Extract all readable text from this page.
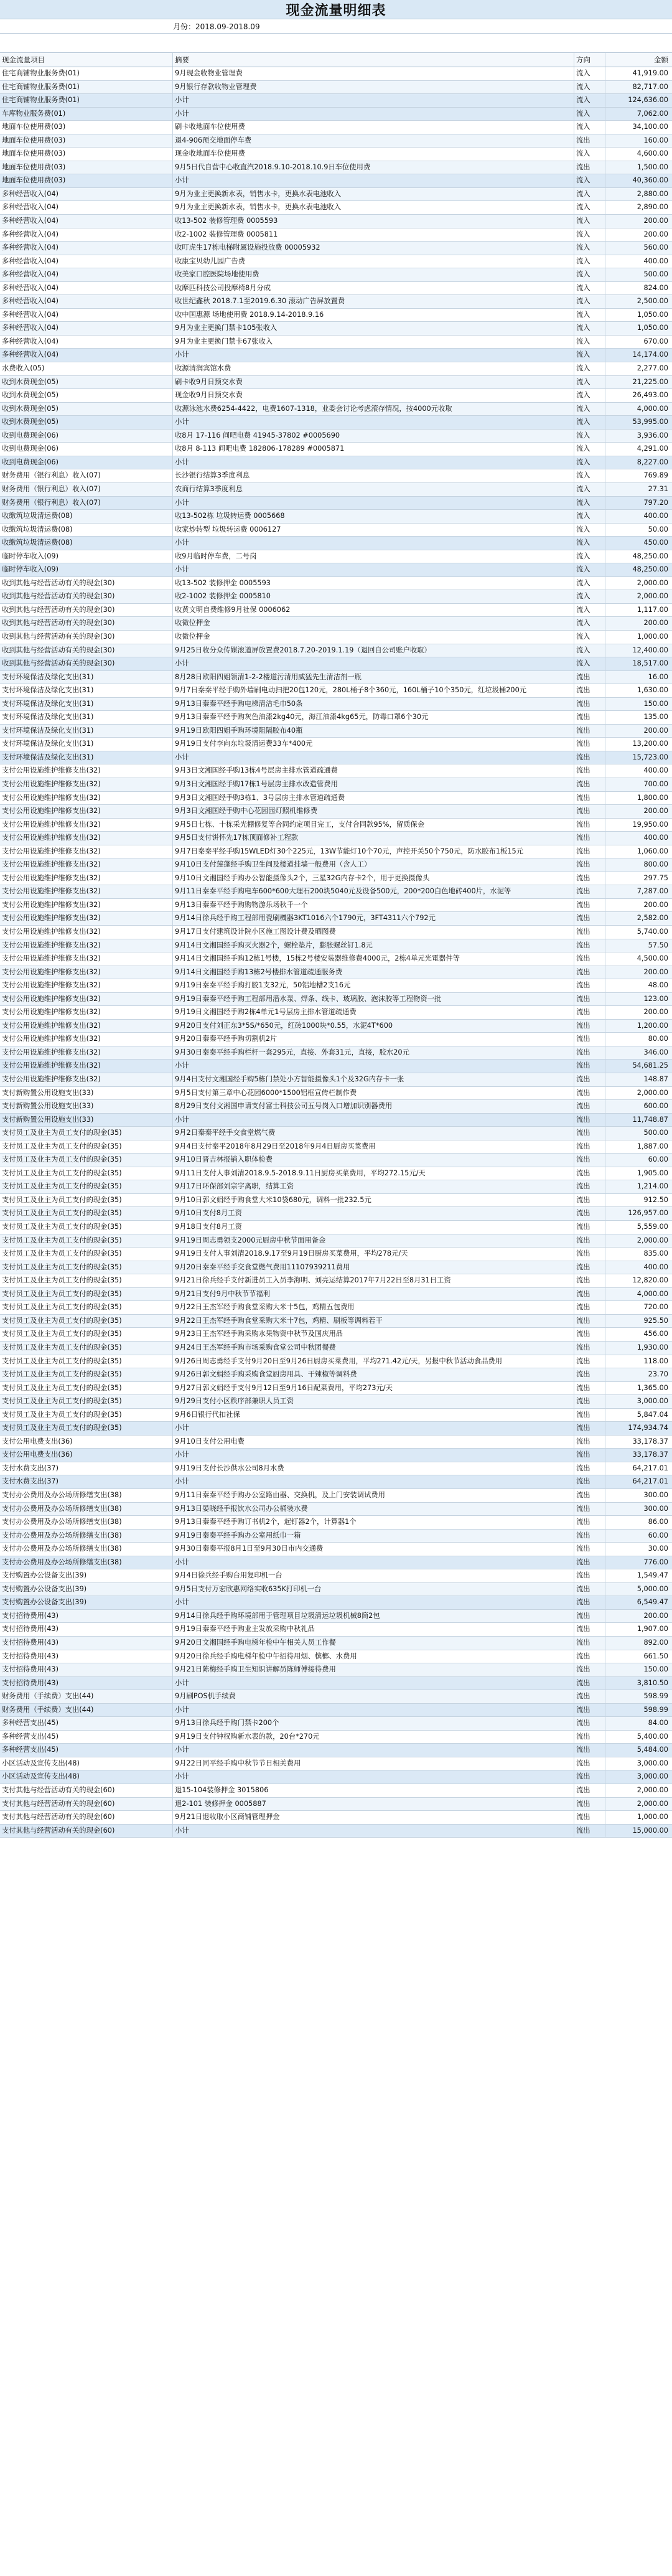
现金流量明细表
月份：2018.09-2018.09
现金流量项目	摘要	方向	金额
住宅商铺物业服务费(01)	9月现金收物业管理费	流入	41,919.00
住宅商铺物业服务费(01)	9月银行存款收物业管理费	流入	82,717.00
住宅商铺物业服务费(01)	小计	流入	124,636.00
车库物业服务费(01)	小计	流入	7,062.00
地面车位使用费(03)	刷卡收地面车位使用费	流入	34,100.00
地面车位使用费(03)	退4-906预交地面停车费	流出	160.00
地面车位使用费(03)	现金收地面车位使用费	流入	4,600.00
地面车位使用费(03)	9月5日代自营中心收直汽2018.9.10-2018.10.9日车位使用费	流出	1,500.00
地面车位使用费(03)	小计	流入	40,360.00
多种经营收入(04)	9月为业主更换新水表，销售水卡，更换水表电池收入	流入	2,880.00
多种经营收入(04)	9月为业主更换新水表，销售水卡，更换水表电池收入	流入	2,890.00
多种经营收入(04)	收13-502 装修管理费 0005593	流入	200.00
多种经营收入(04)	收2-1002 装修管理费 0005811	流入	200.00
多种经营收入(04)	收叮虎生17栋电梯附属设施投放费 00005932	流入	560.00
多种经营收入(04)	收康宝贝幼儿园广告费	流入	400.00
多种经营收入(04)	收美家口腔医院场地使用费	流入	500.00
多种经营收入(04)	收摩匹科技公司投摩椅8月分成	流入	824.00
多种经营收入(04)	收世纪鑫秋 2018.7.1至2019.6.30 滚动广告屏放置费	流入	2,500.00
多种经营收入(04)	收中国惠源 场地使用费 2018.9.14-2018.9.16	流入	1,050.00
多种经营收入(04)	9月为业主更换门禁卡105张收入	流入	1,050.00
多种经营收入(04)	9月为业主更换门禁卡67张收入	流入	670.00
多种经营收入(04)	小计	流入	14,174.00
水费收入(05)	收源清润宾馆水费	流入	2,277.00
收到水费现金(05)	刷卡收9月日预交水费	流入	21,225.00
收到水费现金(05)	现金收9月日预交水费	流入	26,493.00
收到水费现金(05)	收源泳池水费6254-4422，电费1607-1318，业委会讨论考虑滚存情况，按4000元收取	流入	4,000.00
收到水费现金(05)	小计	流入	53,995.00
收到电费现金(06)	收8月 17-116 间吧电费 41945-37802 #0005690	流入	3,936.00
收到电费现金(06)	收8月 8-113 间吧电费 182806-178289 #0005871	流入	4,291.00
收到电费现金(06)	小计	流入	8,227.00
财务费用（银行利息）收入(07)	长沙银行结算3季度利息	流入	769.89
财务费用（银行利息）收入(07)	农商行结算3季度利息	流入	27.31
财务费用（银行利息）收入(07)	小计	流入	797.20
收缴筑垃圾清运费(08)	收13-502栋 垃圾转运费 0005668	流入	400.00
收缴筑垃圾清运费(08)	收家炒转型 垃圾转运费 0006127	流入	50.00
收缴筑垃圾清运费(08)	小计	流入	450.00
临时停车收入(09)	收9月临时停车费，二号岗	流入	48,250.00
临时停车收入(09)	小计	流入	48,250.00
收到其他与经营活动有关的现金(30)	收13-502 装修押金 0005593	流入	2,000.00
收到其他与经营活动有关的现金(30)	收2-1002 装修押金 0005810	流入	2,000.00
收到其他与经营活动有关的现金(30)	收黄文明自费维修9月社保 0006062	流入	1,117.00
收到其他与经营活动有关的现金(30)	收微位押金	流入	200.00
收到其他与经营活动有关的现金(30)	收微位押金	流入	1,000.00
收到其他与经营活动有关的现金(30)	9月25日收分众传媒滚道屏放置费2018.7.20-2019.1.19（退回自公司账户收取）	流入	12,400.00
收到其他与经营活动有关的现金(30)	小计	流入	18,517.00
支付环境保洁及绿化支出(31)	8月28日欧阳四姐领清1-2-2楼道污清用威猛先生清洁剂一瓶	流出	16.00
支付环境保洁及绿化支出(31)	9月7日秦秦平经手购外墙刷电动扫把20包120元，280L桶子8个360元，160L桶子10个350元，红垃圾桶200元	流出	1,630.00
支付环境保洁及绿化支出(31)	9月13日秦秦平经手购电梯清洁毛巾50条	流出	150.00
支付环境保洁及绿化支出(31)	9月13日秦秦平经手购灰色油漆2kg40元，海江油漆4kg65元，防毒口罩6个30元	流出	135.00
支付环境保洁及绿化支出(31)	9月19日欧阳四姐手购环境阻隔胶布40瓶	流出	200.00
支付环境保洁及绿化支出(31)	9月19日支付李向东垃圾清运费33车*400元	流出	13,200.00
支付环境保洁及绿化支出(31)	小计	流出	15,723.00
支付公用设施维护维修支出(32)	9月3日文湘国经手购13栋4号层房主排水管道疏通费	流出	400.00
支付公用设施维护维修支出(32)	9月3日文湘国经手购17栋1号层房主排水改造管费用	流出	700.00
支付公用设施维护维修支出(32)	9月3日文湘国经手购3栋1、3号层房主排水管道疏通费	流出	1,800.00
支付公用设施维护维修支出(32)	9月3日文湘国经手购中心花园园灯照机维修费	流出	200.00
支付公用设施维护维修支出(32)	9月5日七栋、十栋采光棚修复等合同约定项目完工，支付合同款95%，留质保金	流出	19,950.00
支付公用设施维护维修支出(32)	9月5日支付饼怀先17栋顶面修补工程款	流出	400.00
支付公用设施维护维修支出(32)	9月7日秦秦平经手购15WLED灯30个225元，13W节能灯10个70元，声控开关50个750元，防水胶布1板15元	流出	1,060.00
支付公用设施维护维修支出(32)	9月10日支付莲蓬经手购卫生间及楼道挂墙一般费用（含人工）	流出	800.00
支付公用设施维护维修支出(32)	9月10日文湘国经手购办公智能摄像头2个，三星32G内存卡2个，用于更换摄像头	流出	297.75
支付公用设施维护维修支出(32)	9月11日秦秦平经手购电车600*600大理石200块5040元及设备500元，200*200白色地砖400片，水泥等	流出	7,287.00
支付公用设施维护维修支出(32)	9月13日秦秦平经手购购物游乐场秋千一个	流出	200.00
支付公用设施维护维修支出(32)	9月14日徐兵经手购工程部用瓷刷機器3KT1016六个1790元，3FT4311六个792元	流出	2,582.00
支付公用设施维护维修支出(32)	9月17日支付建筑设计院小区施工图设计费及晒图费	流出	5,740.00
支付公用设施维护维修支出(32)	9月14日文湘国经手购灭火器2个，螺栓垫片，膨胀螺丝钉1.8元	流出	57.50
支付公用设施维护维修支出(32)	9月14日文湘国经手购12栋1号楼，15栋2号楼安装器维修费4000元，2栋4单元光電器件等	流出	4,500.00
支付公用设施维护维修支出(32)	9月14日文湘国经手购13栋2号楼排水管道疏通服务费	流出	200.00
支付公用设施维护维修支出(32)	9月19日秦秦平经手购打胶1支32元，50铝地槽2支16元	流出	48.00
支付公用设施维护维修支出(32)	9月19日秦秦平经手购工程部用潜水泵、焊条、线卡、玻璃胶、泡沫胶等工程物资一批	流出	123.00
支付公用设施维护维修支出(32)	9月19日文湘国经手购2栋4单元1号层房主排水管道疏通费	流出	200.00
支付公用设施维护维修支出(32)	9月20日支付刘正东3*5S/*650元，红砖1000块*0.55，水泥4T*600	流出	1,200.00
支付公用设施维护维修支出(32)	9月20日秦秦平经手购切割机2片	流出	80.00
支付公用设施维护维修支出(32)	9月30日秦秦平经手购栏杆一套295元，直接、外套31元，直接，胶水20元	流出	346.00
支付公用设施维护维修支出(32)	小计	流出	54,681.25
支付公用设施维护维修支出(32)	9月4日支付文湘国经手购5栋门禁处小方智能摄像头1个及32G内存卡一张	流出	148.87
支付新购置公用设施支出(33)	9月5日支付第三章中心花园6000*1500铝框宣传栏制作费	流出	2,000.00
支付新购置公用设施支出(33)	8月29日支付文湘国申请支付富士科技公司五号岗入口增加识别器费用	流出	600.00
支付新购置公用设施支出(33)	小计	流出	11,748.87
支付员工及业主为员工支付的现金(35)	9月2日秦秦平经手交食堂燃气费	流出	500.00
支付员工及业主为员工支付的现金(35)	9月4日支付秦平2018年8月29日至2018年9月4日厨房买菜费用	流出	1,887.00
支付员工及业主为员工支付的现金(35)	9月10日晋吉林报销入职体检费	流出	60.00
支付员工及业主为员工支付的现金(35)	9月11日支付人事刘清2018.9.5-2018.9.11日厨房买菜费用，平均272.15元/天	流出	1,905.00
支付员工及业主为员工支付的现金(35)	9月17日环保部刘宗宇离职，结算工资	流出	1,214.00
支付员工及业主为员工支付的现金(35)	9月10日郭文娟经手购食堂大米10袋680元，调料一批232.5元	流出	912.50
支付员工及业主为员工支付的现金(35)	9月10日支付8月工资	流出	126,957.00
支付员工及业主为员工支付的现金(35)	9月18日支付8月工资	流出	5,559.00
支付员工及业主为员工支付的现金(35)	9月19日周志勇领支2000元厨房中秋节面用备金	流出	2,000.00
支付员工及业主为员工支付的现金(35)	9月19日支付人事刘清2018.9.17至9月19日厨房买菜费用，平均278元/天	流出	835.00
支付员工及业主为员工支付的现金(35)	9月20日秦秦平经手交食堂燃气费用11107939211费用	流出	400.00
支付员工及业主为员工支付的现金(35)	9月21日徐兵经手支付新进员工入员李海明、刘亮运结算2017年7月22日至8月31日工资	流出	12,820.00
支付员工及业主为员工支付的现金(35)	9月21日支付9月中秋节节福利	流出	4,000.00
支付员工及业主为员工支付的现金(35)	9月22日王杰军经手购食堂采购大米十5包，鸡精五包费用	流出	720.00
支付员工及业主为员工支付的现金(35)	9月22日王杰军经手购食堂采购大米十7包，鸡精、刷板等调料若干	流出	925.50
支付员工及业主为员工支付的现金(35)	9月23日王杰军经手购采购水果物资中秋节及国庆用品	流出	456.00
支付员工及业主为员工支付的现金(35)	9月24日王杰军经手购市场采购食堂公司中秋团餐费	流出	1,930.00
支付员工及业主为员工支付的现金(35)	9月26日周志勇经手支付9月20日至9月26日厨房买菜费用，平均271.42元/天，另报中秋节活动食品费用	流出	118.00
支付员工及业主为员工支付的现金(35)	9月26日郭文娟经手购采购食堂厨房用具、干辣椒等调料费	流出	23.70
支付员工及业主为员工支付的现金(35)	9月27日郭文娟经手支付9月12日至9月16日配菜费用，平均273元/天	流出	1,365.00
支付员工及业主为员工支付的现金(35)	9月29日支付小区秩序部兼职人员工资	流出	3,000.00
支付员工及业主为员工支付的现金(35)	9月6日银行代扣社保	流出	5,847.04
支付员工及业主为员工支付的现金(35)	小计	流出	174,934.74
支付公用电费支出(36)	9月10日支付公用电费	流出	33,178.37
支付公用电费支出(36)	小计	流出	33,178.37
支付水费支出(37)	9月19日支付长沙供水公司8月水费	流出	64,217.01
支付水费支出(37)	小计	流出	64,217.01
支付办公费用及办公场所修缮支出(38)	9月11日秦秦平经手购办公室路由器、交换机，及上门安装调试费用	流出	300.00
支付办公费用及办公场所修缮支出(38)	9月13日晏晓经手报饮水公司办公桶装水费	流出	300.00
支付办公费用及办公场所修缮支出(38)	9月13日秦秦平经手购订书机2个，起钉器2个，计算器1个	流出	86.00
支付办公费用及办公场所修缮支出(38)	9月19日秦秦平经手购办公室用纸巾一箱	流出	60.00
支付办公费用及办公场所修缮支出(38)	9月30日秦秦平报8月1日至9月30日市内交通费	流出	30.00
支付办公费用及办公场所修缮支出(38)	小计	流出	776.00
支付购置办公设备支出(39)	9月4日徐兵经手购台用复印机一台	流出	1,549.47
支付购置办公设备支出(39)	9月5日支付万宏欣惠网络实收635K打印机一台	流出	5,000.00
支付购置办公设备支出(39)	小计	流出	6,549.47
支付招待费用(43)	9月14日徐兵经手购环境部用于管理项目垃圾清运垃圾机械8筒2包	流出	200.00
支付招待费用(43)	9月19日秦秦平经手购业主发放采购中秋礼品	流出	1,907.00
支付招待费用(43)	9月20日文湘国经手购电梯年检中午相关人员工作餐	流出	892.00
支付招待费用(43)	9月20日徐兵经手购电梯年检中午招待用烟、槟榔、水费用	流出	661.50
支付招待费用(43)	9月21日陈梅经手购卫生知识讲解员陈师傅接待费用	流出	150.00
支付招待费用(43)	小计	流出	3,810.50
财务费用（手续费）支出(44)	9月刷POS机手续费	流出	598.99
财务费用（手续费）支出(44)	小计	流出	598.99
多种经营支出(45)	9月13日徐兵经手购门禁卡200个	流出	84.00
多种经营支出(45)	9月19日支付钟权购新水表的款，20台*270元	流出	5,400.00
多种经营支出(45)	小计	流出	5,484.00
小区活动及宣传支出(48)	9月22日同平经手购中秋节节日相关费用	流出	3,000.00
小区活动及宣传支出(48)	小计	流出	3,000.00
支付其他与经营活动有关的现金(60)	退15-104装修押金 3015806	流出	2,000.00
支付其他与经营活动有关的现金(60)	退2-101 装修押金 0005887	流出	2,000.00
支付其他与经营活动有关的现金(60)	9月21日退收取小区商铺管理押金	流出	1,000.00
支付其他与经营活动有关的现金(60)	小计	流出	15,000.00
